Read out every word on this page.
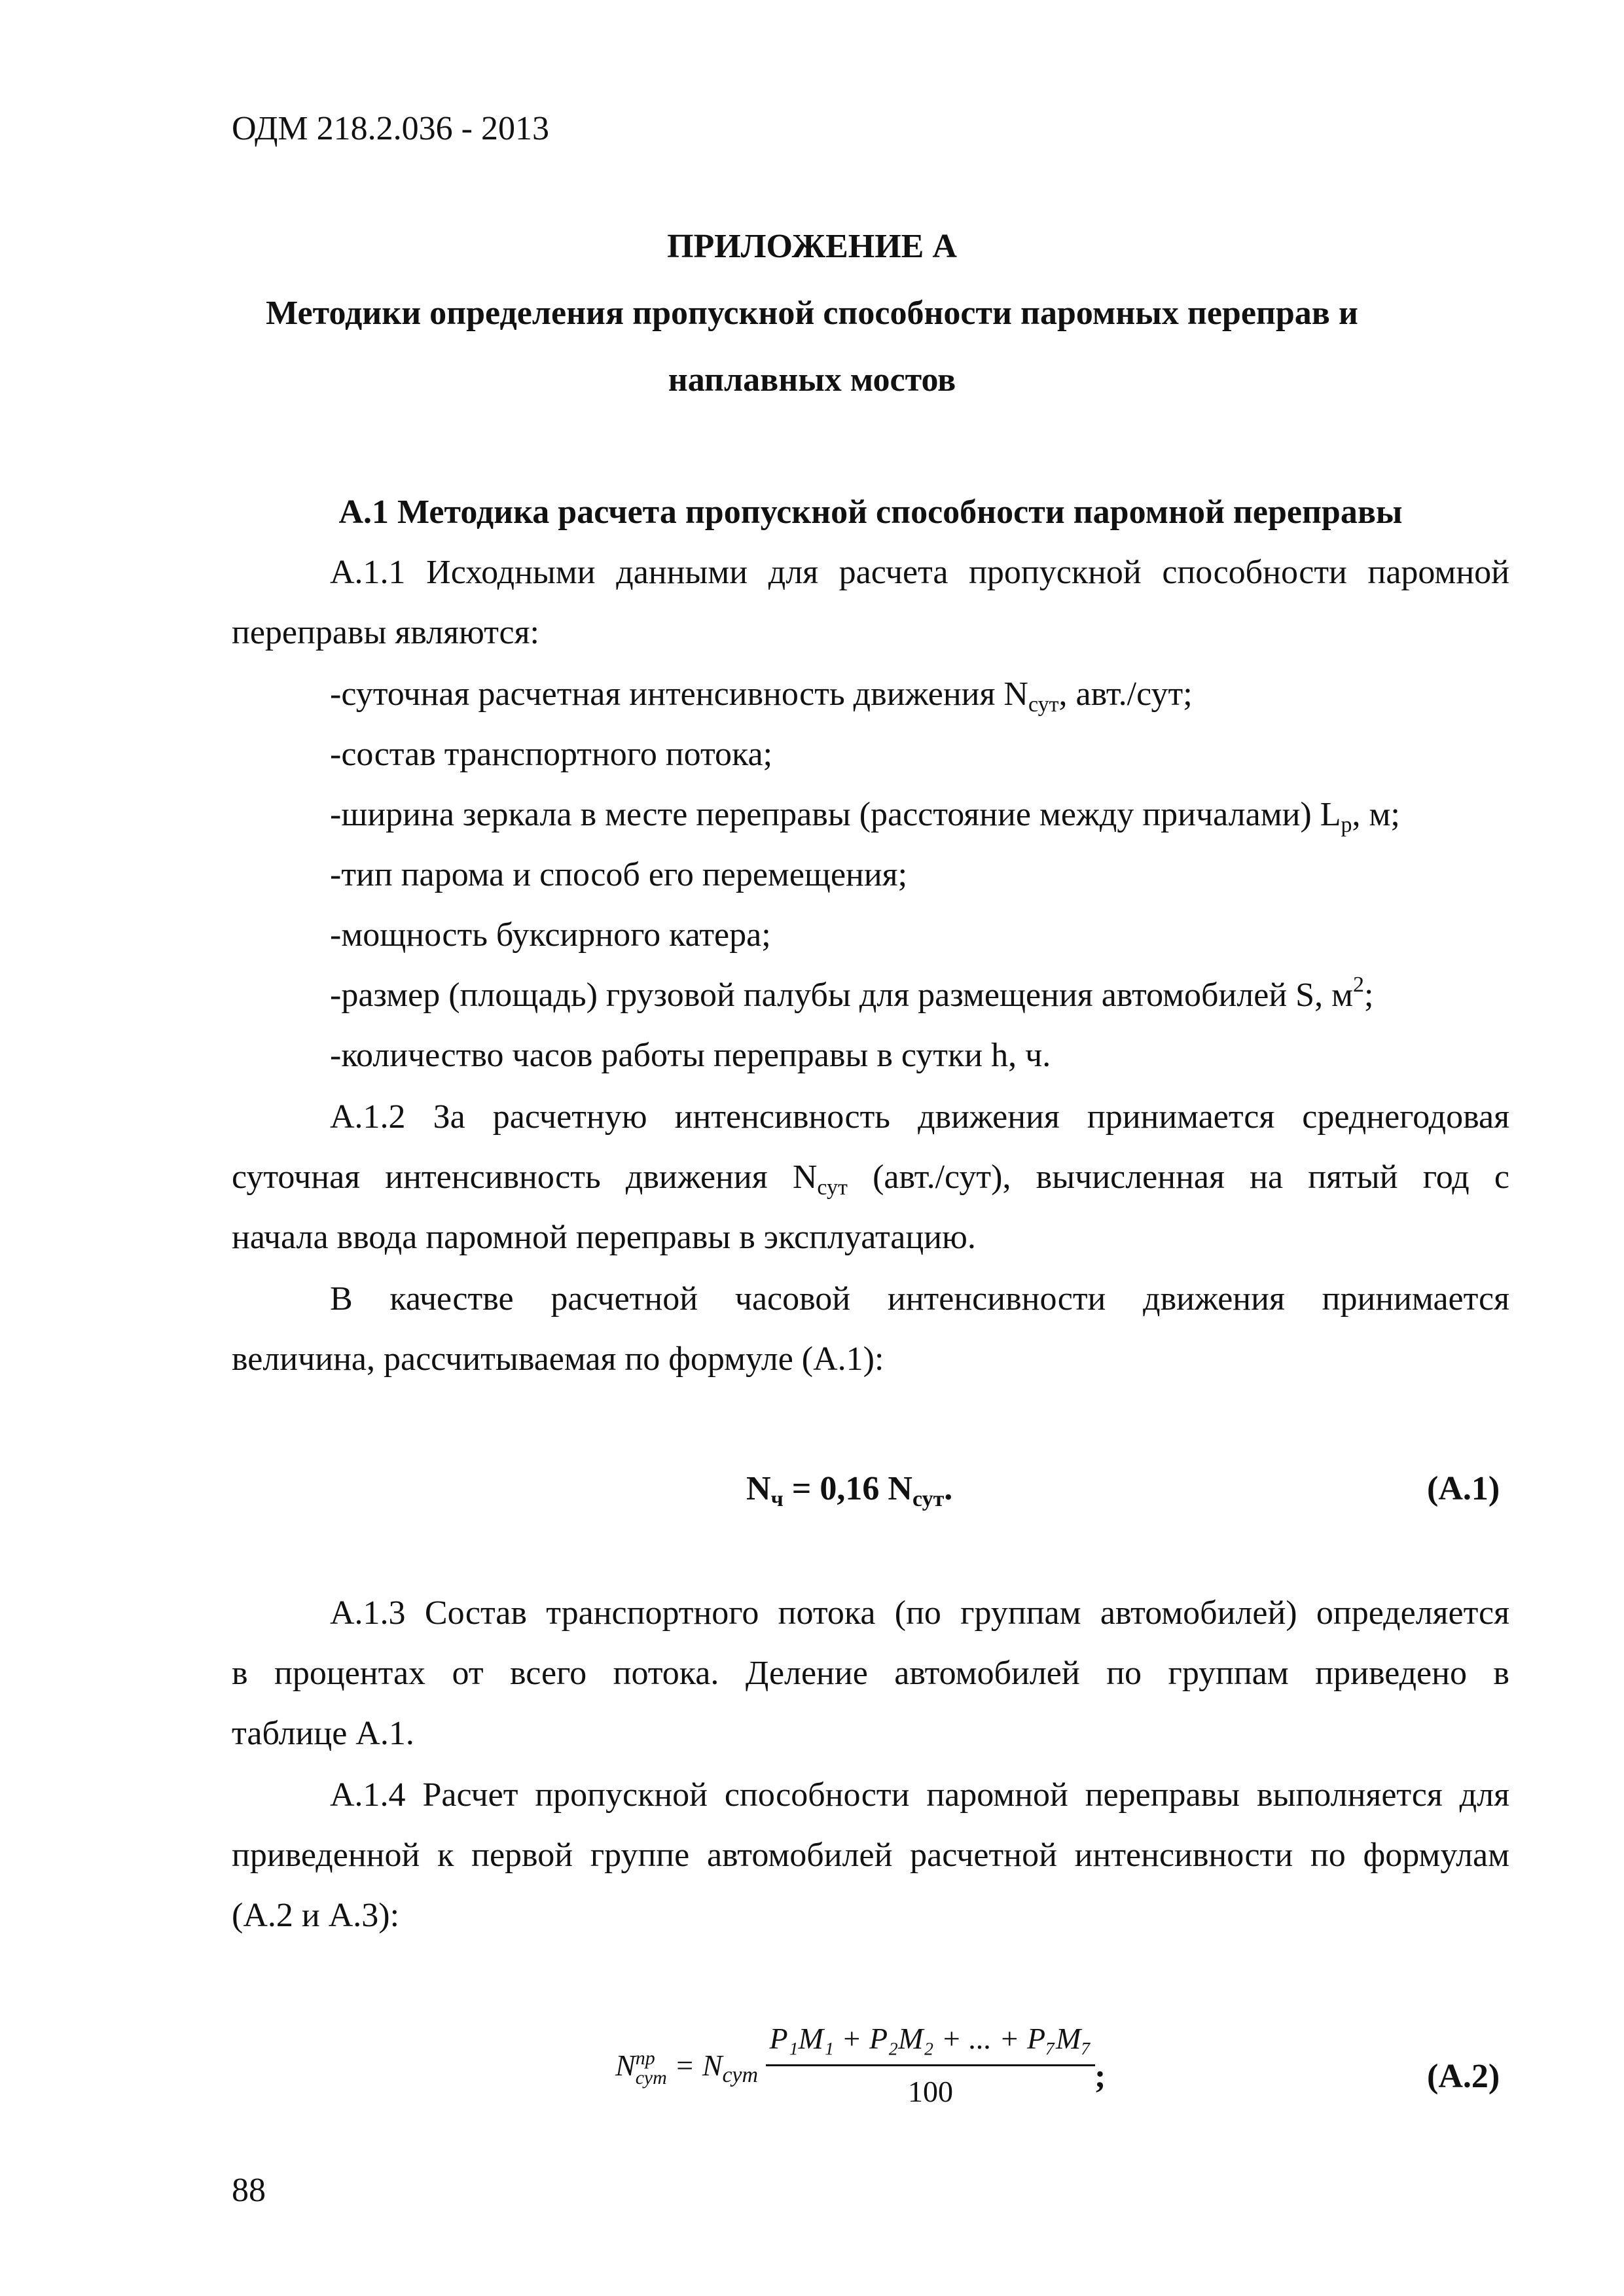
ОДМ 218.2.036 - 2013
ПРИЛОЖЕНИЕ А
Методики определения пропускной способности паромных переправ и
наплавных мостов
А.1 Методика расчета пропускной способности паромной переправы
А.1.1 Исходными данными для расчета пропускной способности паромной
переправы являются:
-суточная расчетная интенсивность движения $N_{сут}$, авт./сут;
-состав транспортного потока;
-ширина зеркала в месте переправы (расстояние между причалами) $L_р$, м;
-тип парома и способ его перемещения;
-мощность буксирного катера;
-размер (площадь) грузовой палубы для размещения автомобилей S, $м^2$;
-количество часов работы переправы в сутки h, ч.
А.1.2 За расчетную интенсивность движения принимается среднегодовая
суточная интенсивность движения $N_{сут}$ (авт./сут), вычисленная на пятый год с
начала ввода паромной переправы в эксплуатацию.
В качестве расчетной часовой интенсивности движения принимается
величина, рассчитываемая по формуле (А.1):
$N_ч = 0,16$ $N_{сут}$.	(А.1)
А.1.3 Состав транспортного потока (по группам автомобилей) определяется
в процентах от всего потока. Деление автомобилей по группам приведено в
таблице А.1.
А.1.4 Расчет пропускной способности паромной переправы выполняется для
приведенной к первой группе автомобилей расчетной интенсивности по формулам
(А.2 и А.3):
N пр
сут = $N_{сут} \frac{\text{P₁M₁ + P₂M₂ + ... + P₇M₇}}{100}$
;	(А.2)
88
